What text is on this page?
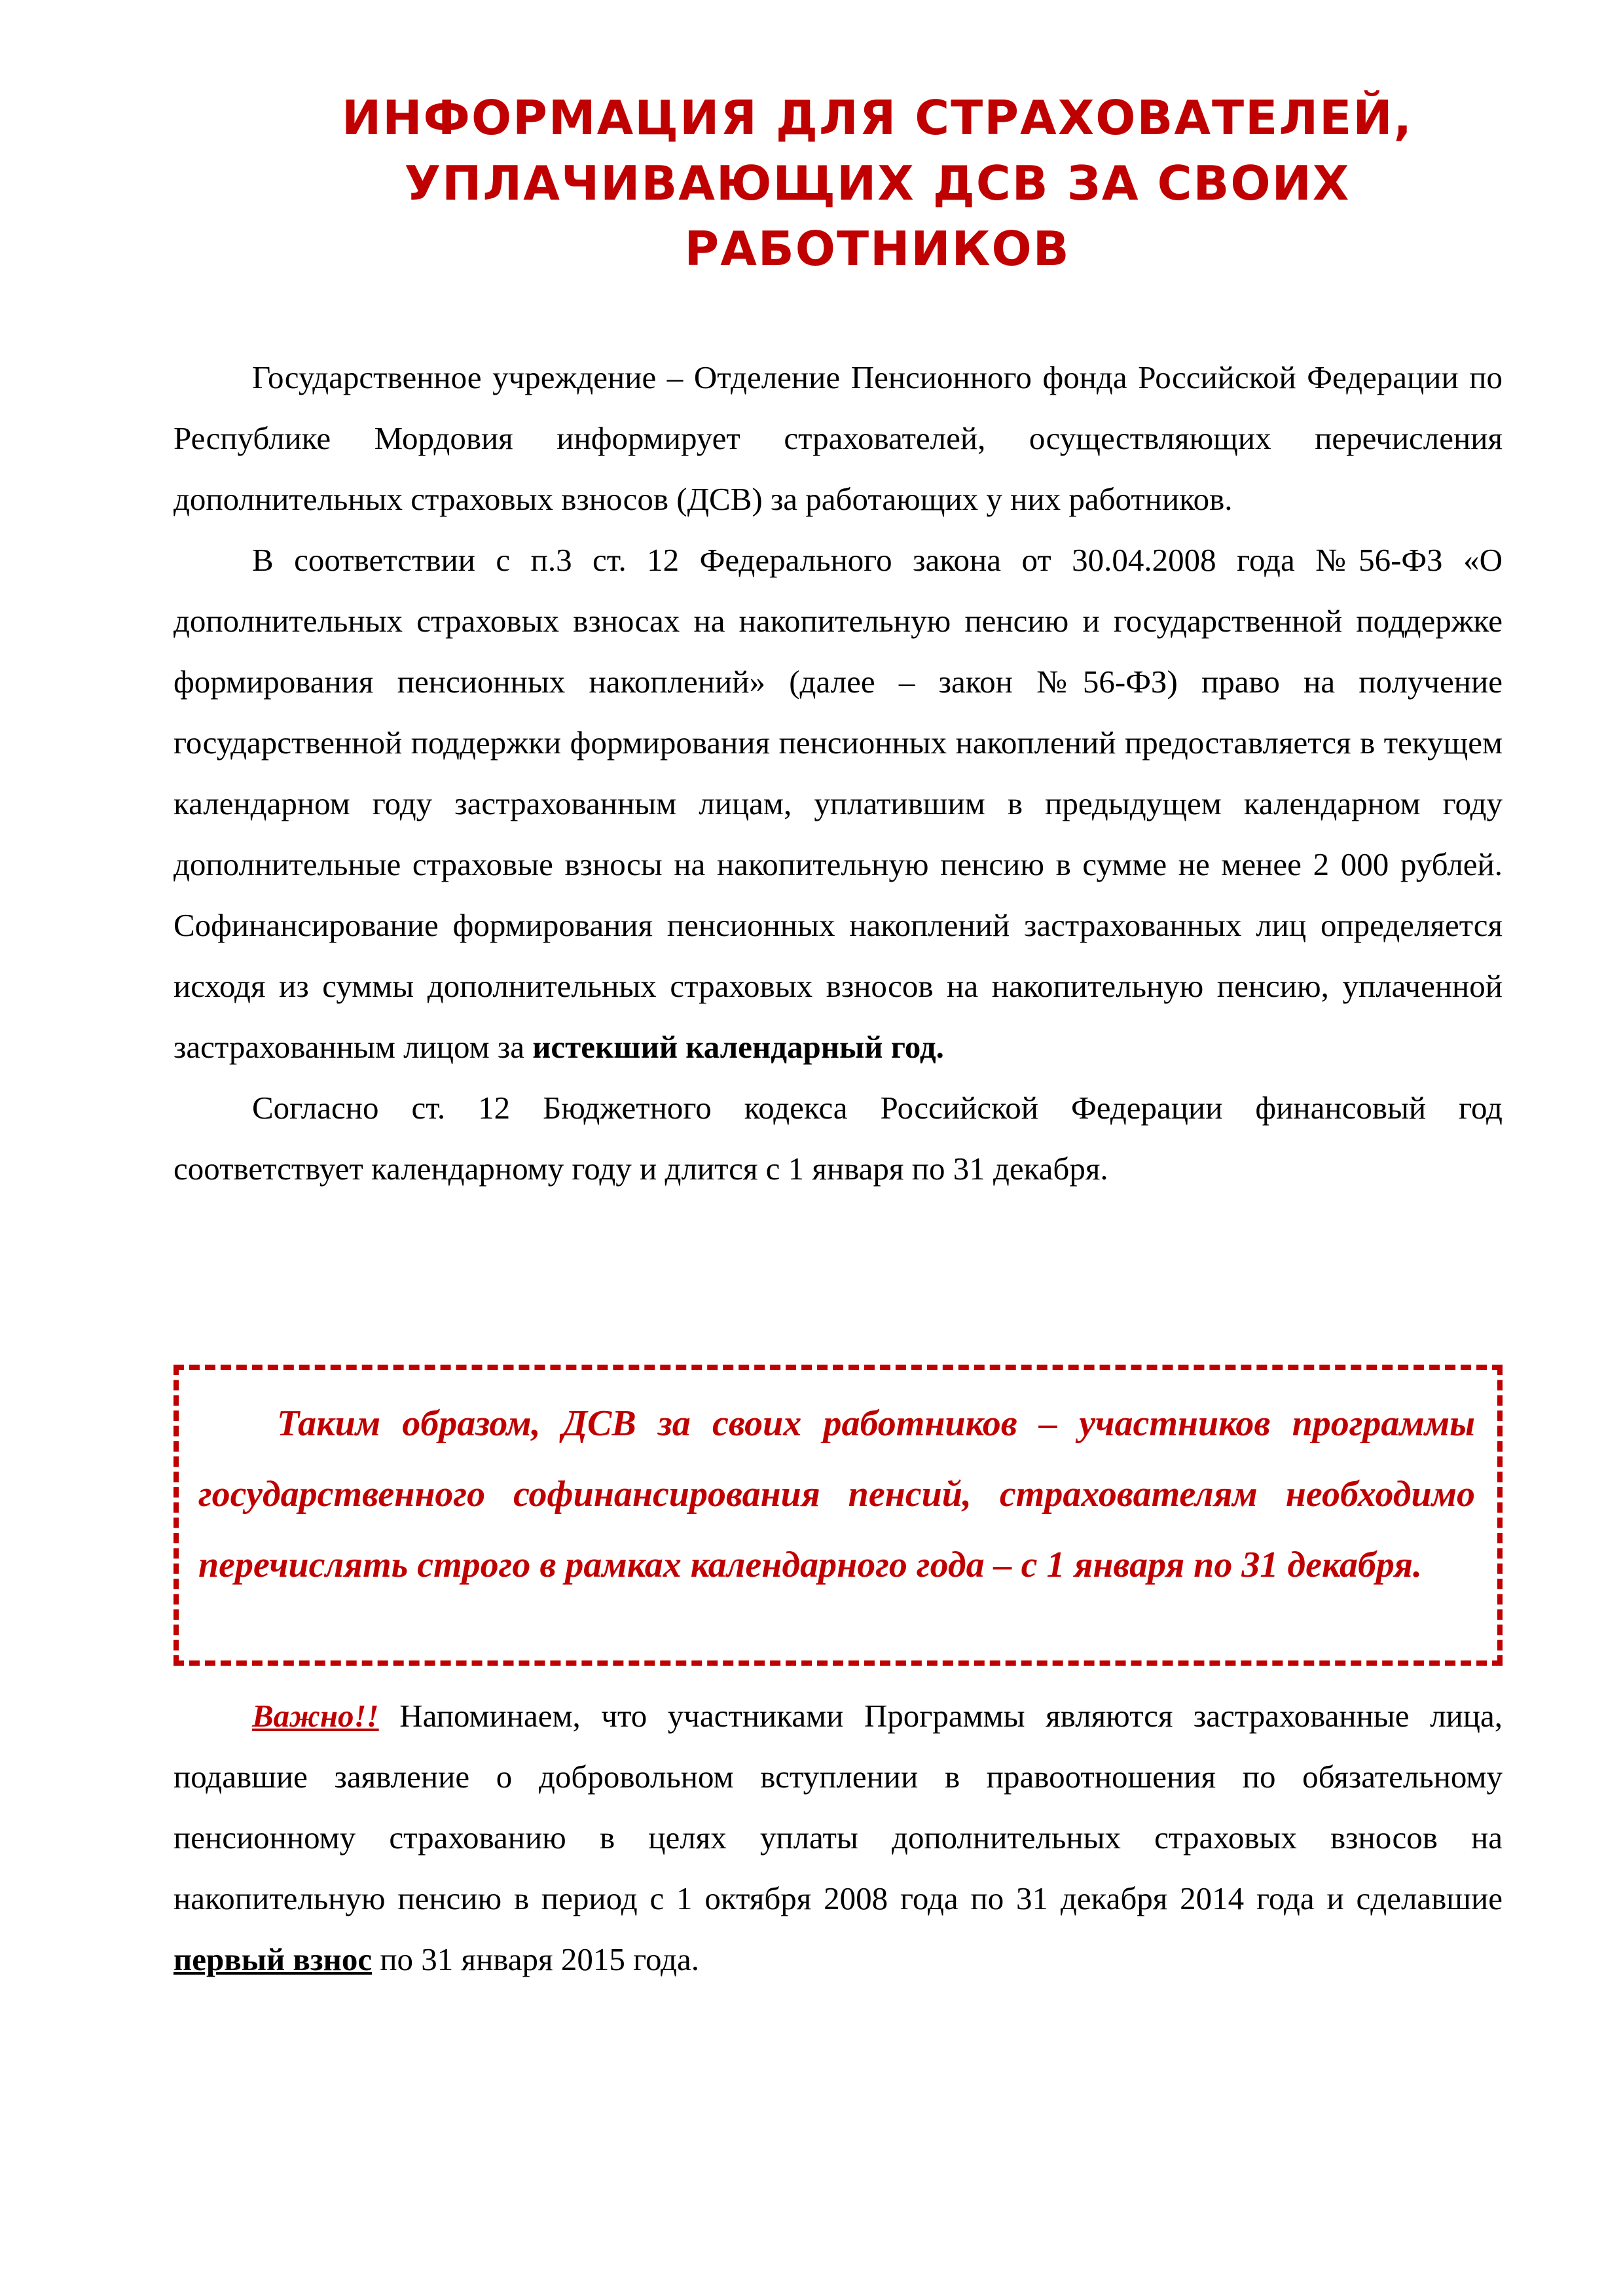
ИНФОРМАЦИЯ ДЛЯ СТРАХОВАТЕЛЕЙ,
УПЛАЧИВАЮЩИХ ДСВ ЗА СВОИХ
РАБОТНИКОВ

Государственное учреждение – Отделение Пенсионного фонда Российской Федерации по Республике Мордовия информирует страхователей, осуществляющих перечисления дополнительных страховых взносов (ДСВ) за работающих у них работников.

В соответствии с п.3 ст. 12 Федерального закона от 30.04.2008 года №56-ФЗ «О дополнительных страховых взносах на накопительную пенсию и государственной поддержке формирования пенсионных накоплений» (далее – закон №56-ФЗ) право на получение государственной поддержки формирования пенсионных накоплений предоставляется в текущем календарном году застрахованным лицам, уплатившим в предыдущем календарном году дополнительные страховые взносы на накопительную пенсию в сумме не менее 2 000 рублей. Софинансирование формирования пенсионных накоплений застрахованных лиц определяется исходя из суммы дополнительных страховых взносов на накопительную пенсию, уплаченной застрахованным лицом за истекший календарный год.

Согласно ст. 12 Бюджетного кодекса Российской Федерации финансовый год соответствует календарному году и длится с 1 января по 31 декабря.

Таким образом, ДСВ за своих работников – участников программы государственного софинансирования пенсий, страхователям необходимо перечислять строго в рамках календарного года – с 1 января по 31 декабря.

Важно!! Напоминаем, что участниками Программы являются застрахованные лица, подавшие заявление о добровольном вступлении в правоотношения по обязательному пенсионному страхованию в целях уплаты дополнительных страховых взносов на накопительную пенсию в период с 1 октября 2008 года по 31 декабря 2014 года и сделавшие первый взнос по 31 января 2015 года.
